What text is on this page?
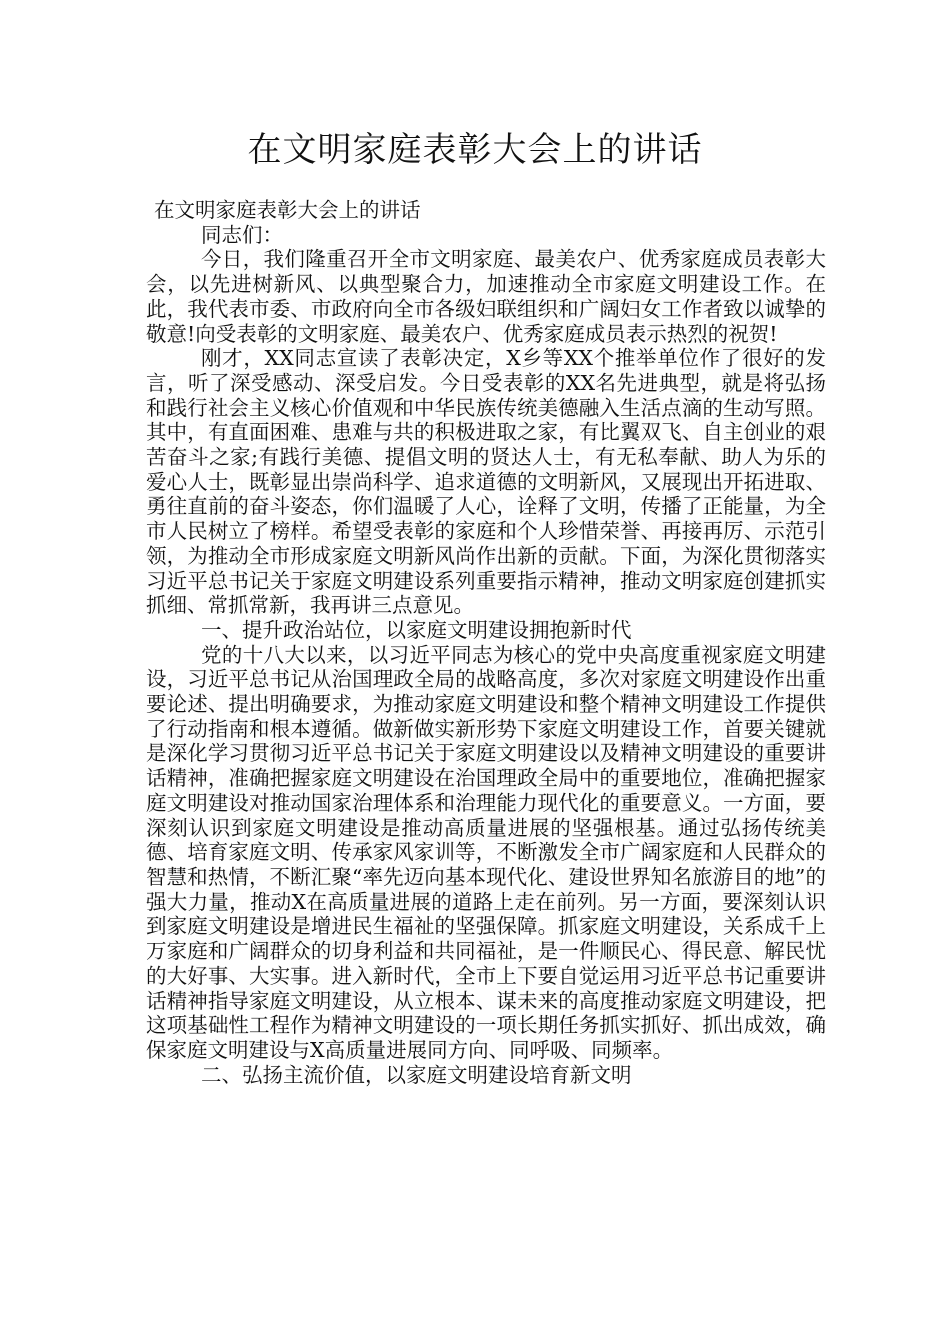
在文明家庭表彰大会上的讲话

在文明家庭表彰大会上的讲话

同志们：

今日，我们隆重召开全市文明家庭、最美农户、优秀家庭成员表彰大会，以先进树新风、以典型聚合力，加速推动全市家庭文明建设工作。在此，我代表市委、市政府向全市各级妇联组织和广阔妇女工作者致以诚挚的敬意!向受表彰的文明家庭、最美农户、优秀家庭成员表示热烈的祝贺!

刚才，XX同志宣读了表彰决定，X乡等XX个推举单位作了很好的发言，听了深受感动、深受启发。今日受表彰的XX名先进典型，就是将弘扬和践行社会主义核心价值观和中华民族传统美德融入生活点滴的生动写照。其中，有直面困难、患难与共的积极进取之家，有比翼双飞、自主创业的艰苦奋斗之家;有践行美德、提倡文明的贤达人士，有无私奉献、助人为乐的爱心人士，既彰显出崇尚科学、追求道德的文明新风，又展现出开拓进取、勇往直前的奋斗姿态，你们温暖了人心，诠释了文明，传播了正能量，为全市人民树立了榜样。希望受表彰的家庭和个人珍惜荣誉、再接再厉、示范引领，为推动全市形成家庭文明新风尚作出新的贡献。下面，为深化贯彻落实习近平总书记关于家庭文明建设系列重要指示精神，推动文明家庭创建抓实抓细、常抓常新，我再讲三点意见。

一、提升政治站位，以家庭文明建设拥抱新时代

党的十八大以来，以习近平同志为核心的党中央高度重视家庭文明建设，习近平总书记从治国理政全局的战略高度，多次对家庭文明建设作出重要论述、提出明确要求，为推动家庭文明建设和整个精神文明建设工作提供了行动指南和根本遵循。做新做实新形势下家庭文明建设工作，首要关键就是深化学习贯彻习近平总书记关于家庭文明建设以及精神文明建设的重要讲话精神，准确把握家庭文明建设在治国理政全局中的重要地位，准确把握家庭文明建设对推动国家治理体系和治理能力现代化的重要意义。一方面，要深刻认识到家庭文明建设是推动高质量进展的坚强根基。通过弘扬传统美德、培育家庭文明、传承家风家训等，不断激发全市广阔家庭和人民群众的智慧和热情，不断汇聚“率先迈向基本现代化、建设世界知名旅游目的地”的强大力量，推动X在高质量进展的道路上走在前列。另一方面，要深刻认识到家庭文明建设是增进民生福祉的坚强保障。抓家庭文明建设，关系成千上万家庭和广阔群众的切身利益和共同福祉，是一件顺民心、得民意、解民忧的大好事、大实事。进入新时代，全市上下要自觉运用习近平总书记重要讲话精神指导家庭文明建设，从立根本、谋未来的高度推动家庭文明建设，把这项基础性工程作为精神文明建设的一项长期任务抓实抓好、抓出成效，确保家庭文明建设与X高质量进展同方向、同呼吸、同频率。

二、弘扬主流价值，以家庭文明建设培育新文明
